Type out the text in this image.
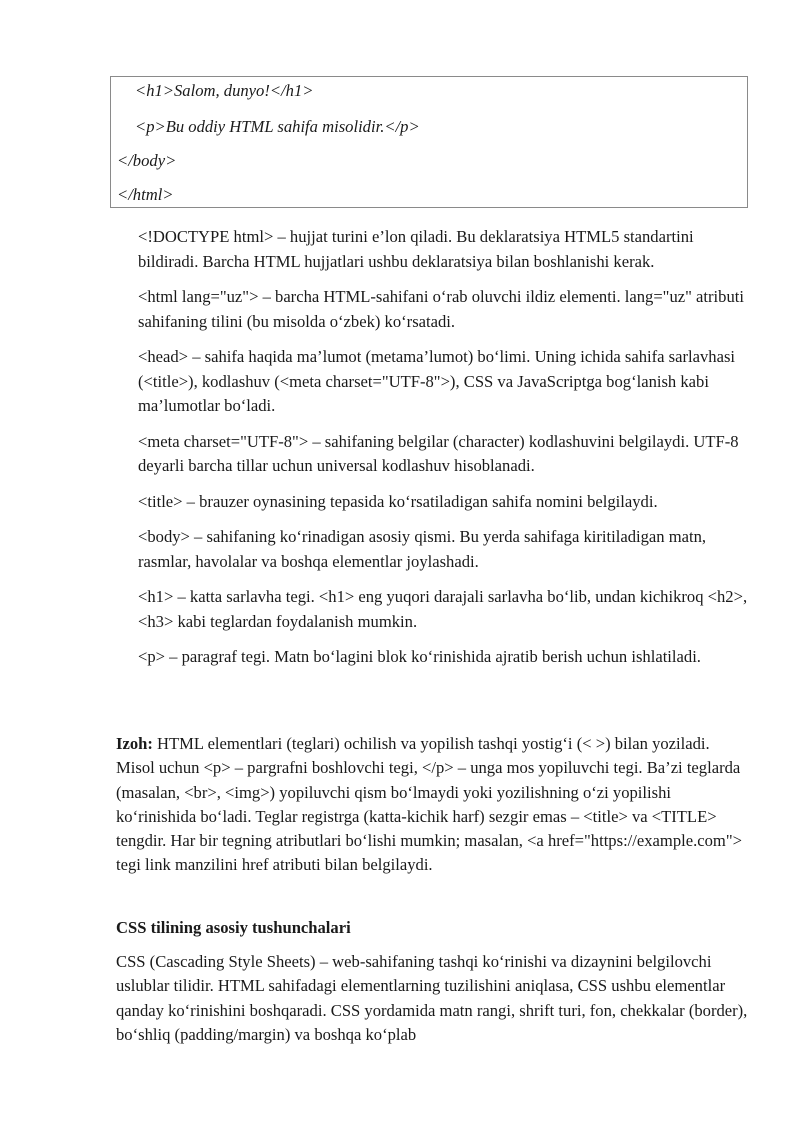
<h1>Salom, dunyo!</h1>
<p>Bu oddiy HTML sahifa misolidir.</p>
</body>
</html>

<!DOCTYPE html> – hujjat turini e’lon qiladi. Bu deklaratsiya HTML5 standartini bildiradi. Barcha HTML hujjatlari ushbu deklaratsiya bilan boshlanishi kerak.

<html lang="uz"> – barcha HTML-sahifani o‘rab oluvchi ildiz elementi. lang="uz" atributi sahifaning tilini (bu misolda o‘zbek) ko‘rsatadi.

<head> – sahifa haqida ma’lumot (metama’lumot) bo‘limi. Uning ichida sahifa sarlavhasi (<title>), kodlashuv (<meta charset="UTF-8">), CSS va JavaScriptga bog‘lanish kabi ma’lumotlar bo‘ladi.

<meta charset="UTF-8"> – sahifaning belgilar (character) kodlashuvini belgilaydi. UTF-8 deyarli barcha tillar uchun universal kodlashuv hisoblanadi.

<title> – brauzer oynasining tepasida ko‘rsatiladigan sahifa nomini belgilaydi.

<body> – sahifaning ko‘rinadigan asosiy qismi. Bu yerda sahifaga kiritiladigan matn, rasmlar, havolalar va boshqa elementlar joylashadi.

<h1> – katta sarlavha tegi. <h1> eng yuqori darajali sarlavha bo‘lib, undan kichikroq <h2>, <h3> kabi teglardan foydalanish mumkin.

<p> – paragraf tegi. Matn bo‘lagini blok ko‘rinishida ajratib berish uchun ishlatiladi.

Izoh: HTML elementlari (teglari) ochilish va yopilish tashqi yostig‘i (< >) bilan yoziladi. Misol uchun <p> – pargrafni boshlovchi tegi, </p> – unga mos yopiluvchi tegi. Ba’zi teglarda (masalan, <br>, <img>) yopiluvchi qism bo‘lmaydi yoki yozilishning o‘zi yopilishi ko‘rinishida bo‘ladi. Teglar registrga (katta-kichik harf) sezgir emas – <title> va <TITLE> tengdir. Har bir tegning atributlari bo‘lishi mumkin; masalan, <a href="https://example.com"> tegi link manzilini href atributi bilan belgilaydi.

CSS tilining asosiy tushunchalari

CSS (Cascading Style Sheets) – web-sahifaning tashqi ko‘rinishi va dizaynini belgilovchi uslublar tilidir. HTML sahifadagi elementlarning tuzilishini aniqlasa, CSS ushbu elementlar qanday ko‘rinishini boshqaradi. CSS yordamida matn rangi, shrift turi, fon, chekkalar (border), bo‘shliq (padding/margin) va boshqa ko‘plab
